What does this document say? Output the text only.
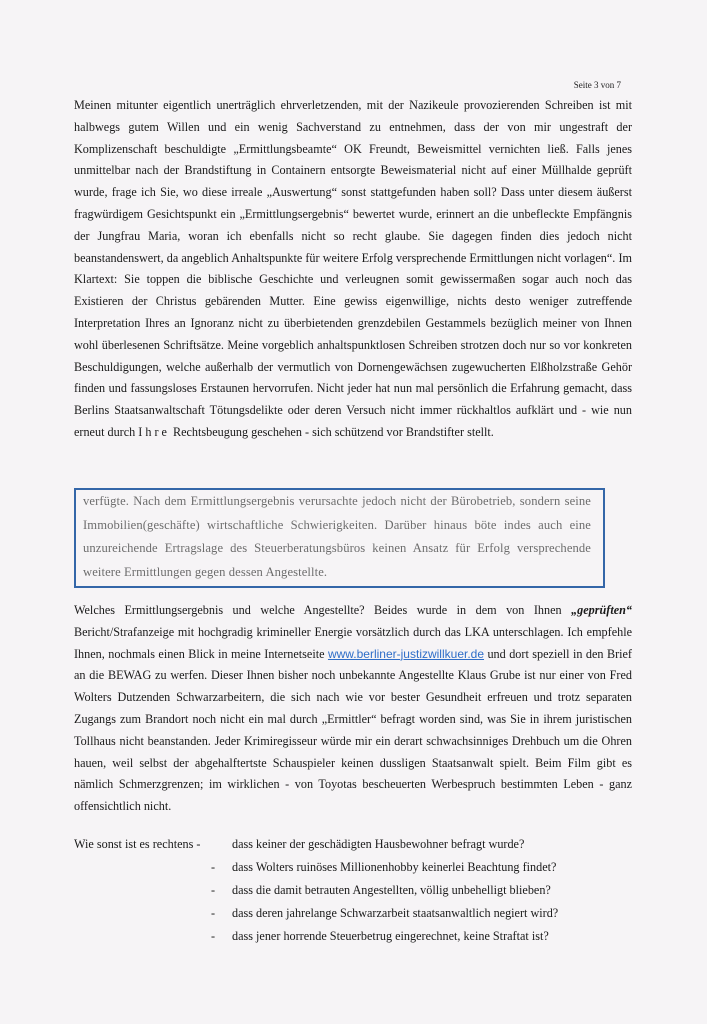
Seite 3 von 7

Meinen mitunter eigentlich unerträglich ehrverletzenden, mit der Nazikeule provozierenden Schreiben ist mit halbwegs gutem Willen und ein wenig Sachverstand zu entnehmen, dass der von mir ungestraft der Komplizenschaft beschuldigte „Ermittlungsbeamte“ OK Freundt, Beweismittel vernichten ließ. Falls jenes unmittelbar nach der Brandstiftung in Containern entsorgte Beweismaterial nicht auf einer Müllhalde geprüft wurde, frage ich Sie, wo diese irreale „Auswertung“ sonst stattgefunden haben soll? Dass unter diesem äußerst fragwürdigem Gesichtspunkt ein „Ermittlungsergebnis“ bewertet wurde, erinnert an die unbefleckte Empfängnis der Jungfrau Maria, woran ich ebenfalls nicht so recht glaube. Sie dagegen finden dies jedoch nicht beanstandenswert, da angeblich Anhaltspunkte für weitere Erfolg versprechende Ermittlungen nicht vorlagen“. Im Klartext: Sie toppen die biblische Geschichte und verleugnen somit gewissermaßen sogar auch noch das Existieren der Christus gebärenden Mutter. Eine gewiss eigenwillige, nichts desto weniger zutreffende Interpretation Ihres an Ignoranz nicht zu überbietenden grenzdebilen Gestammels bezüglich meiner von Ihnen wohl überlesenen Schriftsätze. Meine vorgeblich anhaltspunktlosen Schreiben strotzen doch nur so vor konkreten Beschuldigungen, welche außerhalb der vermutlich von Dornengewächsen zugewucherten Elßholzstraße Gehör finden und fassungsloses Erstaunen hervorrufen. Nicht jeder hat nun mal persönlich die Erfahrung gemacht, dass Berlins Staatsanwaltschaft Tötungsdelikte oder deren Versuch nicht immer rückhaltlos aufklärt und - wie nun erneut durch Ihre Rechtsbeugung geschehen - sich schützend vor Brandstifter stellt.

verfügte. Nach dem Ermittlungsergebnis verursachte jedoch nicht der Bürobetrieb, sondern seine Immobilien(geschäfte) wirtschaftliche Schwierigkeiten. Darüber hinaus böte indes auch eine unzureichende Ertragslage des Steuerberatungsbüros keinen Ansatz für Erfolg versprechende weitere Ermittlungen gegen dessen Angestellte.

Welches Ermittlungsergebnis und welche Angestellte? Beides wurde in dem von Ihnen „geprüften“ Bericht/Strafanzeige mit hochgradig krimineller Energie vorsätzlich durch das LKA unterschlagen. Ich empfehle Ihnen, nochmals einen Blick in meine Internetseite www.berliner-justizwillkuer.de und dort speziell in den Brief an die BEWAG zu werfen. Dieser Ihnen bisher noch unbekannte Angestellte Klaus Grube ist nur einer von Fred Wolters Dutzenden Schwarzarbeitern, die sich nach wie vor bester Gesundheit erfreuen und trotz separaten Zugangs zum Brandort noch nicht ein mal durch „Ermittler“ befragt worden sind, was Sie in ihrem juristischen Tollhaus nicht beanstanden. Jeder Krimiregisseur würde mir ein derart schwachsinniges Drehbuch um die Ohren hauen, weil selbst der abgehalftertste Schauspieler keinen dussligen Staatsanwalt spielt. Beim Film gibt es nämlich Schmerzgrenzen; im wirklichen - von Toyotas bescheuerten Werbespruch bestimmten Leben - ganz offensichtlich nicht.

Wie sonst ist es rechtens -	dass keiner der geschädigten Hausbewohner befragt wurde?
- dass Wolters ruinöses Millionenhobby keinerlei Beachtung findet?
- dass die damit betrauten Angestellten, völlig unbehelligt blieben?
- dass deren jahrelange Schwarzarbeit staatsanwaltlich negiert wird?
- dass jener horrende Steuerbetrug eingerechnet, keine Straftat ist?
